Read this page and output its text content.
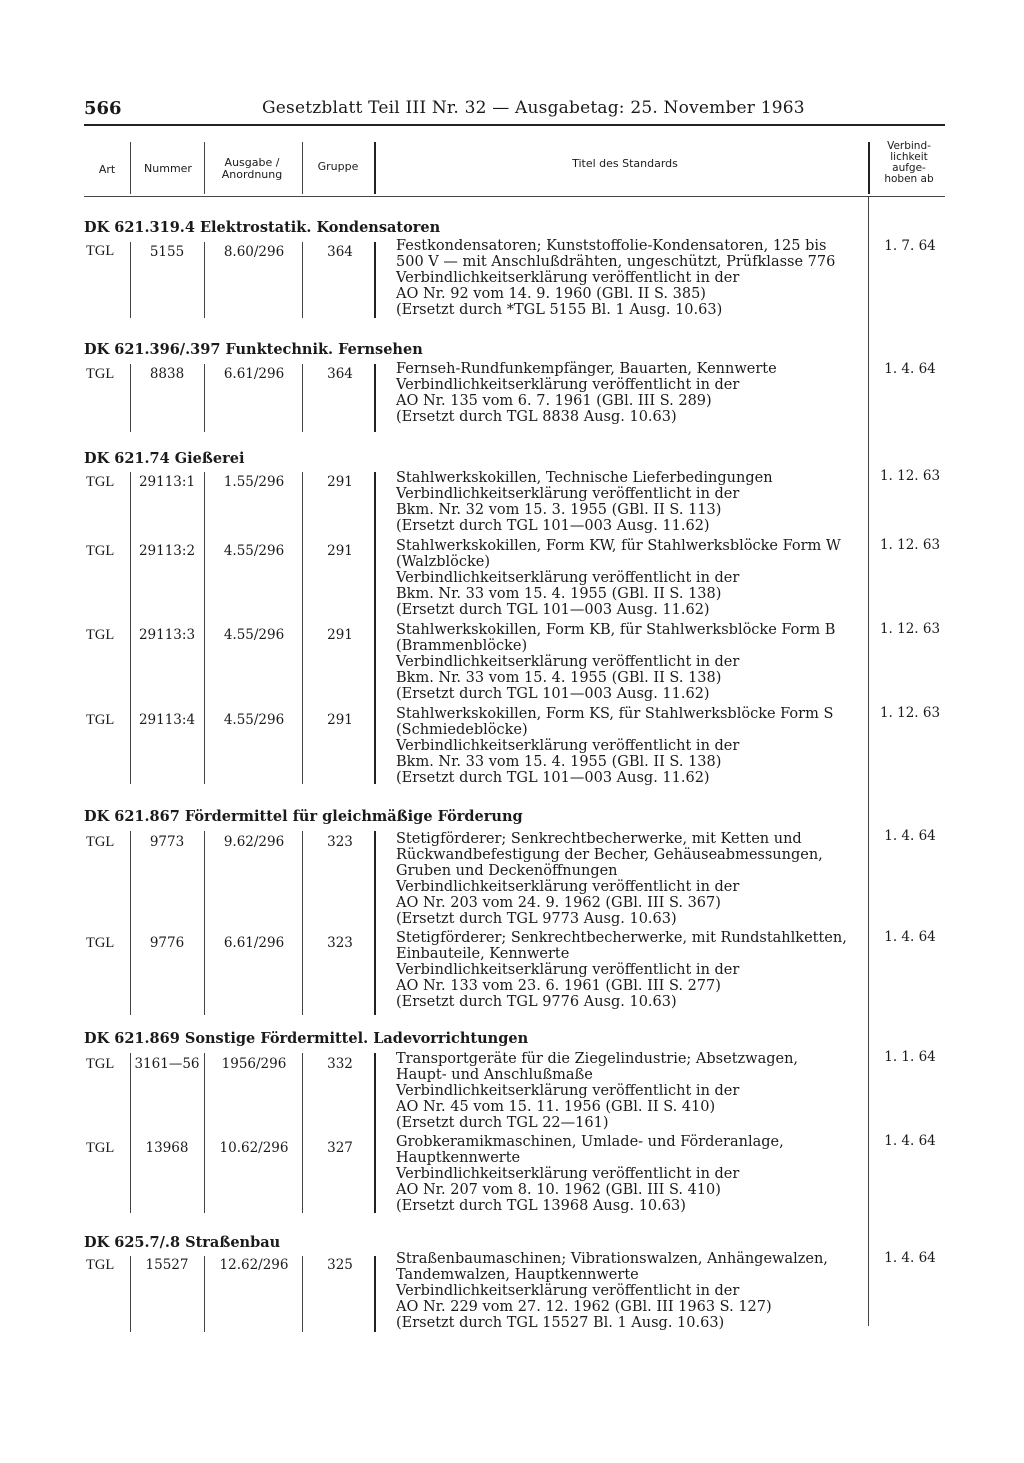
566	Gesetzblatt Teil III Nr. 32 — Ausgabetag: 25. November 1963
Art	Nummer	Ausgabe /
Anordnung
Gruppe	Titel des Standards
Verbind-
lichkeit
aufge-
hoben ab
DK 621.319.4 Elektrostatik. Kondensatoren
TGL	5155	8.60/296	364	Festkondensatoren; Kunststoffolie-Kondensatoren, 125 bis
500 V — mit Anschlußdrähten, ungeschützt, Prüfklasse 776
Verbindlichkeitserklärung veröffentlicht in der
AO Nr. 92 vom 14. 9. 1960 (GBl. II S. 385)
(Ersetzt durch *TGL 5155 Bl. 1 Ausg. 10.63)
1. 7. 64
DK 621.396/.397 Funktechnik. Fernsehen
TGL	8838	6.61/296	364	Fernseh-Rundfunkempfänger, Bauarten, Kennwerte
Verbindlichkeitserklärung veröffentlicht in der
AO Nr. 135 vom 6. 7. 1961 (GBl. III S. 289)
(Ersetzt durch TGL 8838 Ausg. 10.63)
1. 4. 64
DK 621.74 Gießerei
TGL	29113:1	1.55/296	291	Stahlwerkskokillen, Technische Lieferbedingungen
Verbindlichkeitserklärung veröffentlicht in der
Bkm. Nr. 32 vom 15. 3. 1955 (GBl. II S. 113)
(Ersetzt durch TGL 101—003 Ausg. 11.62)
1. 12. 63
TGL	29113:2	4.55/296	291	Stahlwerkskokillen, Form KW, für Stahlwerksblöcke Form W
(Walzblöcke)
Verbindlichkeitserklärung veröffentlicht in der
Bkm. Nr. 33 vom 15. 4. 1955 (GBl. II S. 138)
(Ersetzt durch TGL 101—003 Ausg. 11.62)
1. 12. 63
TGL	29113:3	4.55/296	291	Stahlwerkskokillen, Form KB, für Stahlwerksblöcke Form B
(Brammenblöcke)
Verbindlichkeitserklärung veröffentlicht in der
Bkm. Nr. 33 vom 15. 4. 1955 (GBl. II S. 138)
(Ersetzt durch TGL 101—003 Ausg. 11.62)
1. 12. 63
TGL	29113:4	4.55/296	291	Stahlwerkskokillen, Form KS, für Stahlwerksblöcke Form S
(Schmiedeblöcke)
Verbindlichkeitserklärung veröffentlicht in der
Bkm. Nr. 33 vom 15. 4. 1955 (GBl. II S. 138)
(Ersetzt durch TGL 101—003 Ausg. 11.62)
1. 12. 63
DK 621.867 Fördermittel für gleichmäßige Förderung
TGL	9773	9.62/296	323	Stetigförderer; Senkrechtbecherwerke, mit Ketten und
Rückwandbefestigung der Becher, Gehäuseabmessungen,
Gruben und Deckenöffnungen
Verbindlichkeitserklärung veröffentlicht in der
AO Nr. 203 vom 24. 9. 1962 (GBl. III S. 367)
(Ersetzt durch TGL 9773 Ausg. 10.63)
1. 4. 64
TGL	9776	6.61/296	323	Stetigförderer; Senkrechtbecherwerke, mit Rundstahlketten,
Einbauteile, Kennwerte
Verbindlichkeitserklärung veröffentlicht in der
AO Nr. 133 vom 23. 6. 1961 (GBl. III S. 277)
(Ersetzt durch TGL 9776 Ausg. 10.63)
1. 4. 64
DK 621.869 Sonstige Fördermittel. Ladevorrichtungen
TGL 3161—56	1956/296	332	Transportgeräte für die Ziegelindustrie; Absetzwagen,
Haupt- und Anschlußmaße
Verbindlichkeitserklärung veröffentlicht in der
AO Nr. 45 vom 15. 11. 1956 (GBl. II S. 410)
(Ersetzt durch TGL 22—161)
1. 1. 64
TGL	13968	10.62/296	327	Grobkeramikmaschinen, Umlade- und Förderanlage,
Hauptkennwerte
Verbindlichkeitserklärung veröffentlicht in der
AO Nr. 207 vom 8. 10. 1962 (GBl. III S. 410)
(Ersetzt durch TGL 13968 Ausg. 10.63)
1. 4. 64
DK 625.7/.8 Straßenbau
TGL	15527	12.62/296	325	Straßenbaumaschinen; Vibrationswalzen, Anhängewalzen,
Tandemwalzen, Hauptkennwerte
Verbindlichkeitserklärung veröffentlicht in der
AO Nr. 229 vom 27. 12. 1962 (GBl. III 1963 S. 127)
(Ersetzt durch TGL 15527 Bl. 1 Ausg. 10.63)
1. 4. 64
